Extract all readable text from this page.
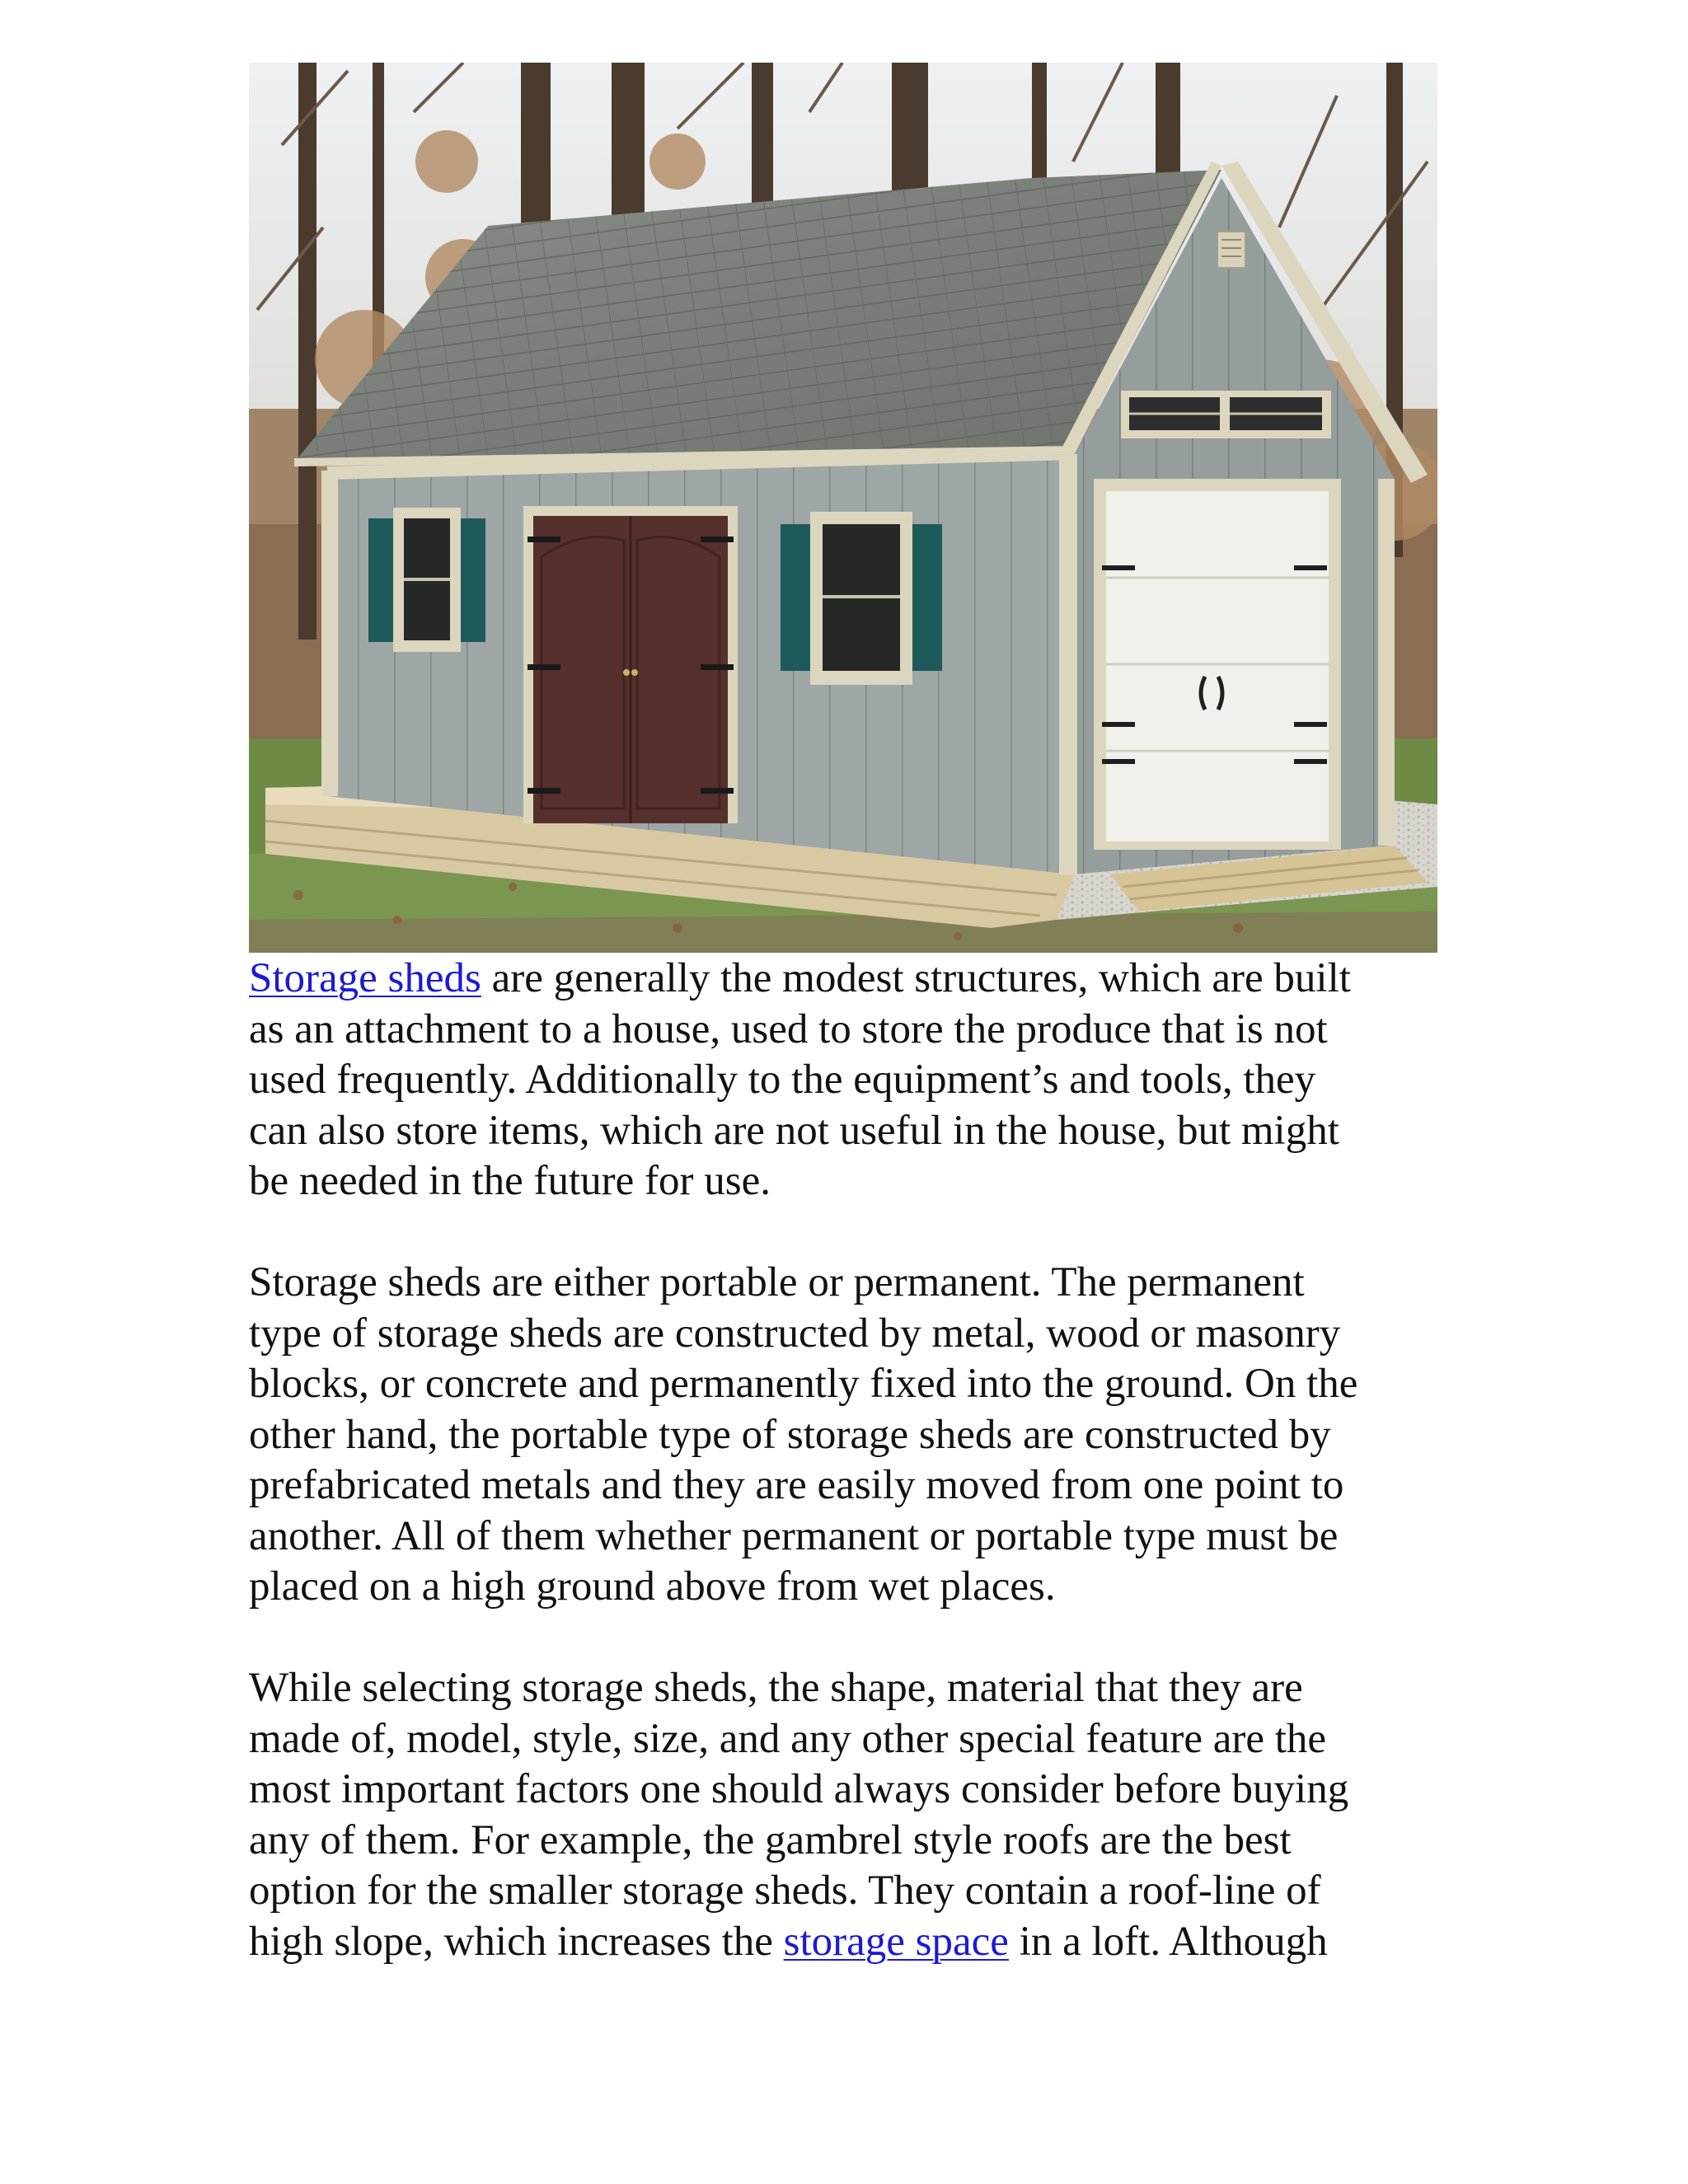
Storage sheds are generally the modest structures, which are built
as an attachment to a house, used to store the produce that is not
used frequently. Additionally to the equipment’s and tools, they
can also store items, which are not useful in the house, but might
be needed in the future for use.

Storage sheds are either portable or permanent. The permanent
type of storage sheds are constructed by metal, wood or masonry
blocks, or concrete and permanently fixed into the ground. On the
other hand, the portable type of storage sheds are constructed by
prefabricated metals and they are easily moved from one point to
another. All of them whether permanent or portable type must be
placed on a high ground above from wet places.

While selecting storage sheds, the shape, material that they are
made of, model, style, size, and any other special feature are the
most important factors one should always consider before buying
any of them. For example, the gambrel style roofs are the best
option for the smaller storage sheds. They contain a roof-line of
high slope, which increases the storage space in a loft. Although
